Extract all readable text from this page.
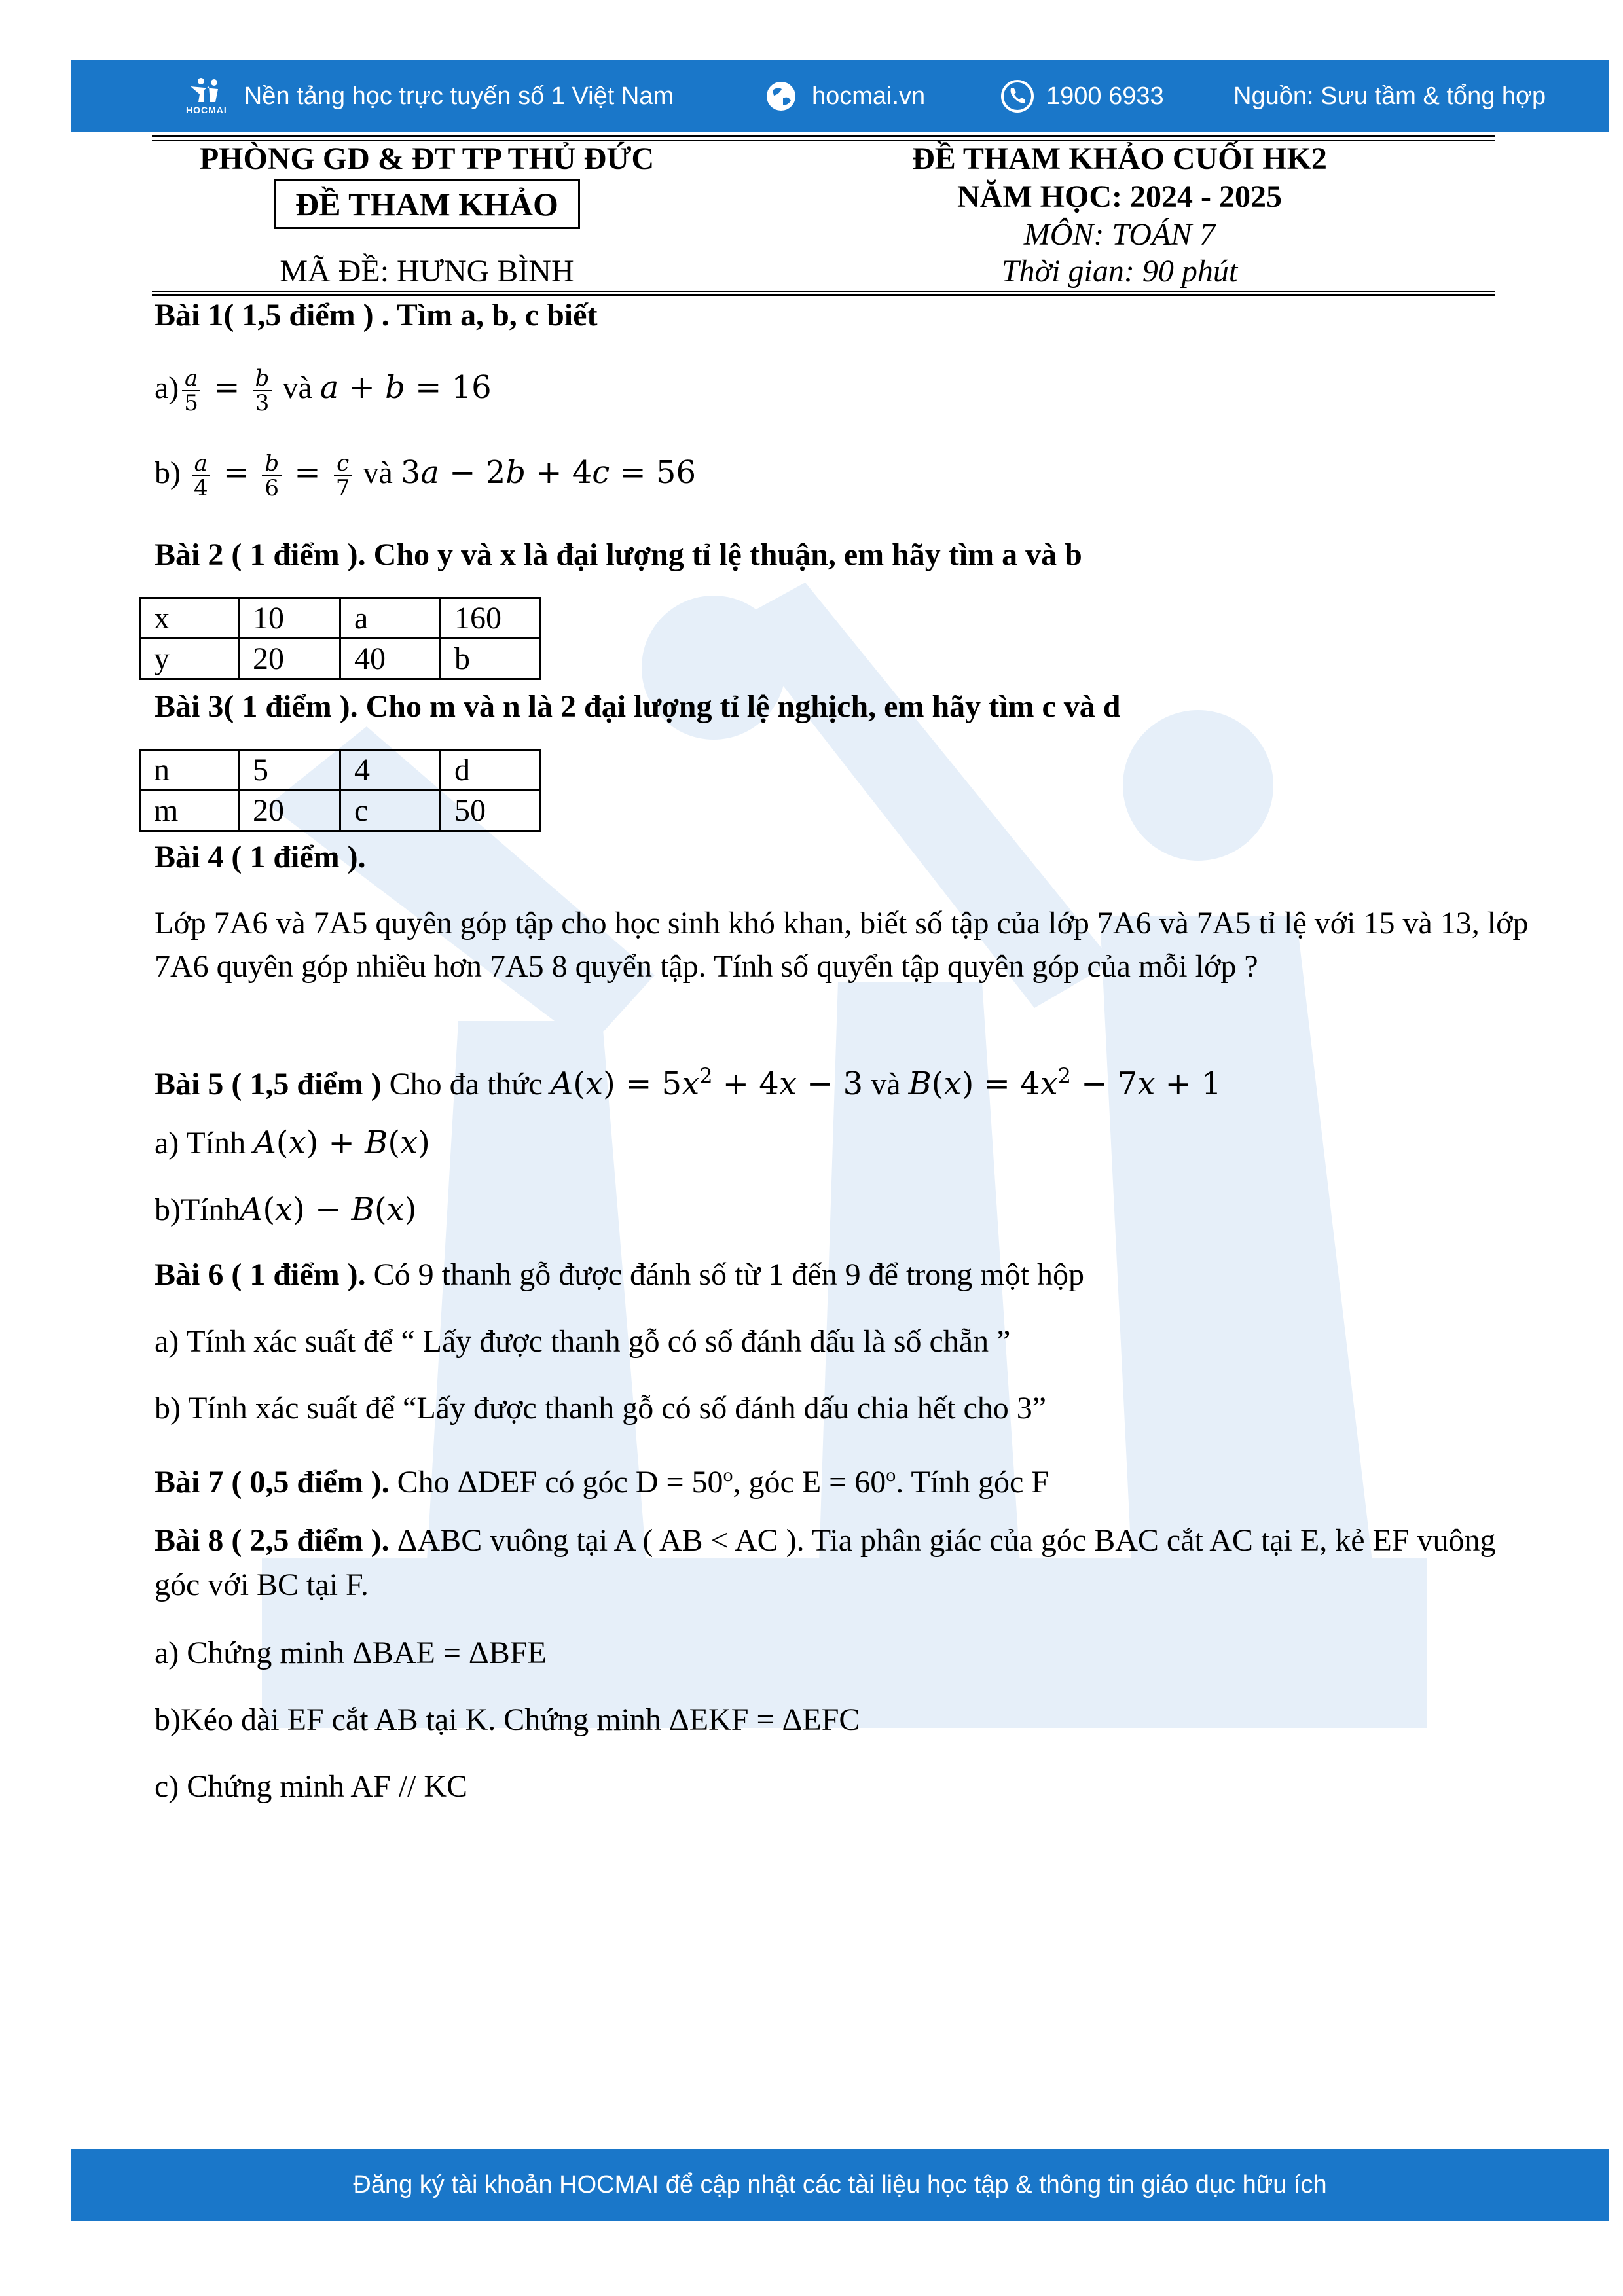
HOCMAI
Nền tảng học trực tuyến số 1 Việt Nam	hocmai.vn	1900 6933	Nguồn: Sưu tầm & tổng hợp
PHÒNG GD & ĐT TP THỦ ĐỨC
ĐỀ THAM KHẢO
MÃ ĐỀ: HƯNG BÌNH
ĐỀ THAM KHẢO CUỐI HK2
NĂM HỌC: 2024 - 2025
MÔN: TOÁN 7
Thời gian: 90 phút
Bài 1( 1,5 điểm ) . Tìm a, b, c biết
$a) \frac{a}{5} = \frac{b}{3}$ và a + b = 16
$b) \frac{a}{4} = \frac{b}{6} = \frac{c}{7}$ và 3a − 2b + 4c = 56
Bài 2 ( 1 điểm ). Cho y và x là đại lượng tỉ lệ thuận, em hãy tìm a và b
x	10	a	160
y	20	40	b
Bài 3( 1 điểm ). Cho m và n là 2 đại lượng tỉ lệ nghịch, em hãy tìm c và d
n	5	4	d
m	20	c	50
Bài 4 ( 1 điểm ).
Lớp 7A6 và 7A5 quyên góp tập cho học sinh khó khan, biết số tập của lớp 7A6 và 7A5 tỉ lệ với 15 và 13, lớp 7A6 quyên góp nhiều hơn 7A5 8 quyển tập. Tính số quyển tập quyên góp của mỗi lớp ?
Bài 5 ( 1,5 điểm ) Cho đa thức $A(x) = 5x^2 + 4x - 3$ và $B(x) = 4x^2 - 7x + 1$
a) Tính A(x) + B(x)
b)TínhA(x) − B(x)
Bài 6 ( 1 điểm ). Có 9 thanh gỗ được đánh số từ 1 đến 9 để trong một hộp
a) Tính xác suất để “ Lấy được thanh gỗ có số đánh dấu là số chẵn ”
b) Tính xác suất để “Lấy được thanh gỗ có số đánh dấu chia hết cho 3”
Bài 7 ( 0,5 điểm ). Cho ΔDEF có góc $D = 50^o$, góc $E = 60^o$. Tính góc F
Bài 8 ( 2,5 điểm ). ΔABC vuông tại A ( AB < AC ). Tia phân giác của góc BAC cắt AC tại E, kẻ EF vuông góc với BC tại F.
a) Chứng minh ΔBAE = ΔBFE
b)Kéo dài EF cắt AB tại K. Chứng minh ΔEKF = ΔEFC
c) Chứng minh AF // KC
Đăng ký tài khoản HOCMAI để cập nhật các tài liệu học tập & thông tin giáo dục hữu ích
